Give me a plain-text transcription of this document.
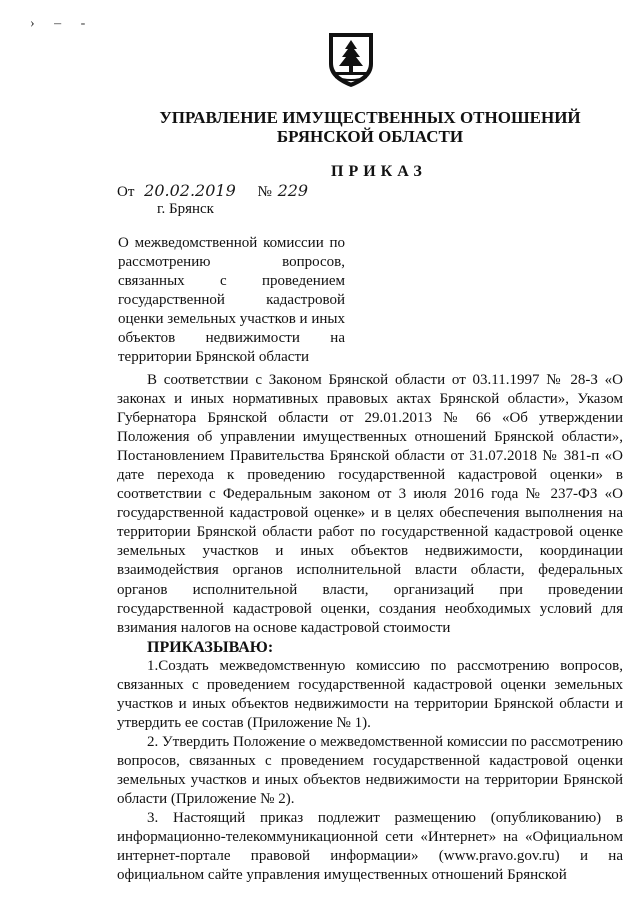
› – ‑
УПРАВЛЕНИЕ ИМУЩЕСТВЕННЫХ ОТНОШЕНИЙ
БРЯНСКОЙ ОБЛАСТИ
ПРИКАЗ
От 20.02.2019 № 229
г. Брянск
О межведомственной комиссии по рассмотрению вопросов, связанных с проведением государственной кадастровой оценки земельных участков и иных объектов недвижимости на территории Брянской области

В соответствии с Законом Брянской области от 03.11.1997 № 28-З «О законах и иных нормативных правовых актах Брянской области», Указом Губернатора Брянской области от 29.01.2013 № 66 «Об утверждении Положения об управлении имущественных отношений Брянской области», Постановлением Правительства Брянской области от 31.07.2018 № 381-п «О дате перехода к проведению государственной кадастровой оценки» в соответствии с Федеральным законом от 3 июля 2016 года № 237-ФЗ «О государственной кадастровой оценке» и в целях обеспечения выполнения на территории Брянской области работ по государственной кадастровой оценке земельных участков и иных объектов недвижимости, координации взаимодействия органов исполнительной власти области, федеральных органов исполнительной власти, организаций при проведении государственной кадастровой оценки, создания необходимых условий для взимания налогов на основе кадастровой стоимости

ПРИКАЗЫВАЮ:

1.Создать межведомственную комиссию по рассмотрению вопросов, связанных с проведением государственной кадастровой оценки земельных участков и иных объектов недвижимости на территории Брянской области и утвердить ее состав (Приложение № 1).

2. Утвердить Положение о межведомственной комиссии по рассмотрению вопросов, связанных с проведением государственной кадастровой оценки земельных участков и иных объектов недвижимости на территории Брянской области (Приложение № 2).

3. Настоящий приказ подлежит размещению (опубликованию) в информационно-телекоммуникационной сети «Интернет» на «Официальном интернет-портале правовой информации» (www.pravo.gov.ru) и на официальном сайте управления имущественных отношений Брянской
